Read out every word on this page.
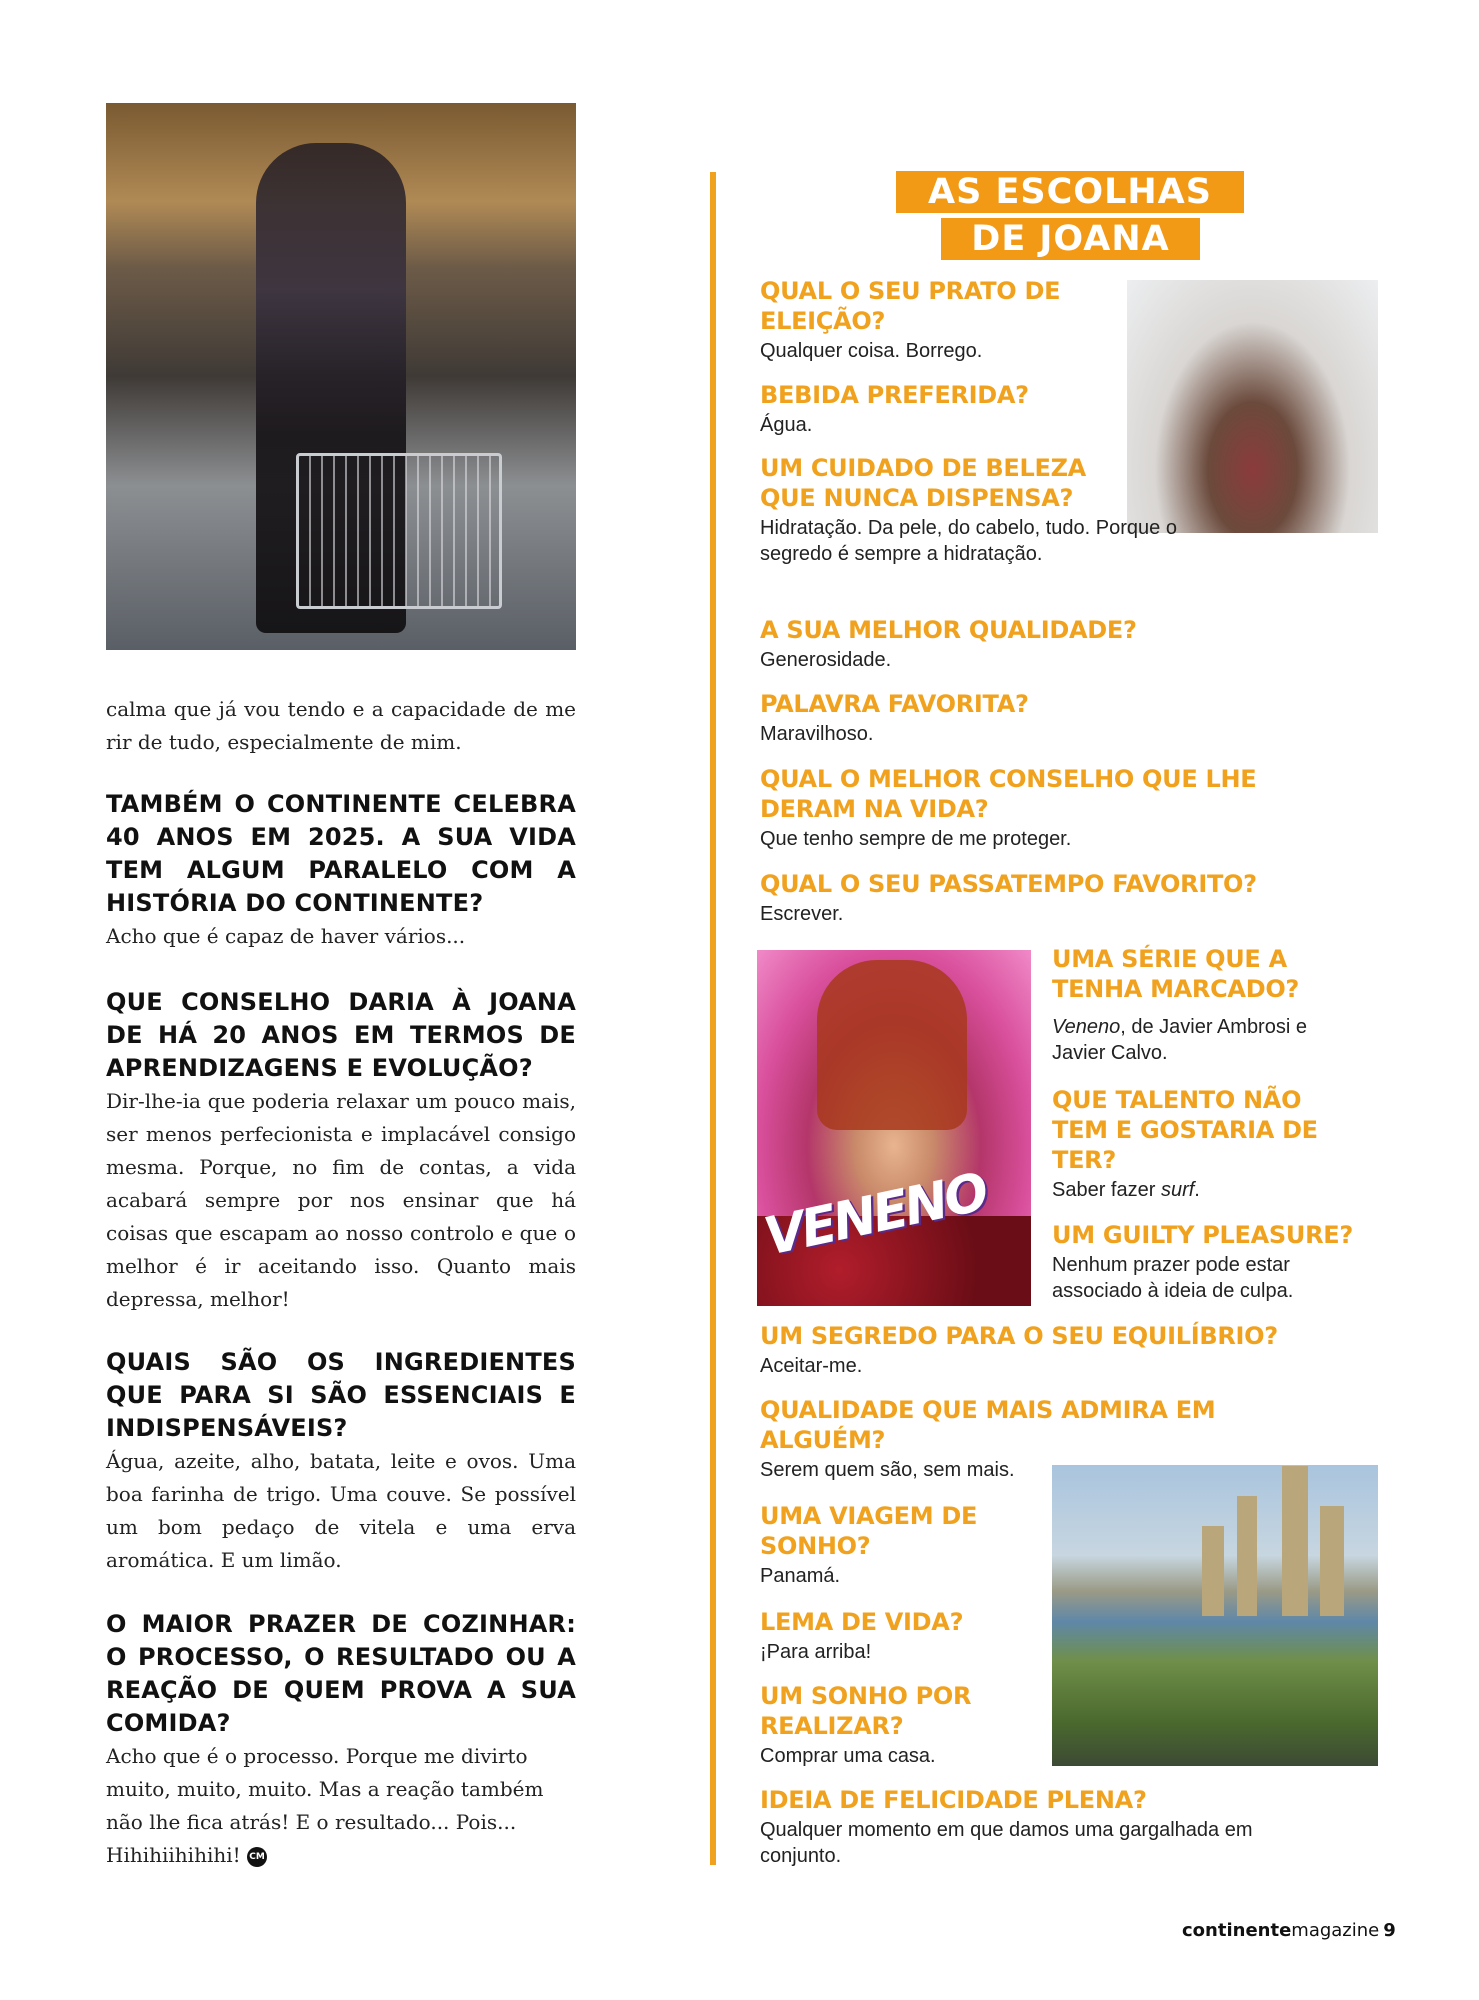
calma que já vou tendo e a capacidade de me rir de tudo, especialmente de mim.

TAMBÉM O CONTINENTE CELEBRA 40 ANOS EM 2025. A SUA VIDA TEM ALGUM PARALELO COM A HISTÓRIA DO CONTINENTE?

Acho que é capaz de haver vários...

QUE CONSELHO DARIA À JOANA DE HÁ 20 ANOS EM TERMOS DE APRENDIZAGENS E EVOLUÇÃO?

Dir-lhe-ia que poderia relaxar um pouco mais, ser menos perfecionista e implacável consigo mesma. Porque, no fim de contas, a vida acabará sempre por nos ensinar que há coisas que escapam ao nosso controlo e que o melhor é ir aceitando isso. Quanto mais depressa, melhor!

QUAIS SÃO OS INGREDIENTES QUE PARA SI SÃO ESSENCIAIS E INDISPENSÁVEIS?

Água, azeite, alho, batata, leite e ovos. Uma boa farinha de trigo. Uma couve. Se possível um bom pedaço de vitela e uma erva aromática. E um limão.

O MAIOR PRAZER DE COZINHAR: O PROCESSO, O RESULTADO OU A REAÇÃO DE QUEM PROVA A SUA COMIDA?

Acho que é o processo. Porque me divirto muito, muito, muito. Mas a reação também não lhe fica atrás! E o resultado... Pois... Hihihiihihihi! CM

AS ESCOLHAS
DE JOANA
VENENO

QUAL O SEU PRATO DE ELEIÇÃO?

Qualquer coisa. Borrego.

BEBIDA PREFERIDA?

Água.

UM CUIDADO DE BELEZA QUE NUNCA DISPENSA?

Hidratação. Da pele, do cabelo, tudo. Porque o segredo é sempre a hidratação.

A SUA MELHOR QUALIDADE?

Generosidade.

PALAVRA FAVORITA?

Maravilhoso.

QUAL O MELHOR CONSELHO QUE LHE DERAM NA VIDA?

Que tenho sempre de me proteger.

QUAL O SEU PASSATEMPO FAVORITO?

Escrever.

UMA SÉRIE QUE A TENHA MARCADO?

Veneno, de Javier Ambrosi e Javier Calvo.

QUE TALENTO NÃO TEM E GOSTARIA DE TER?

Saber fazer surf.

UM GUILTY PLEASURE?

Nenhum prazer pode estar associado à ideia de culpa.

UM SEGREDO PARA O SEU EQUILÍBRIO?

Aceitar-me.

QUALIDADE QUE MAIS ADMIRA EM ALGUÉM?

Serem quem são, sem mais.

UMA VIAGEM DE SONHO?

Panamá.

LEMA DE VIDA?

¡Para arriba!

UM SONHO POR REALIZAR?

Comprar uma casa.

IDEIA DE FELICIDADE PLENA?

Qualquer momento em que damos uma gargalhada em conjunto.

continentemagazine 9
